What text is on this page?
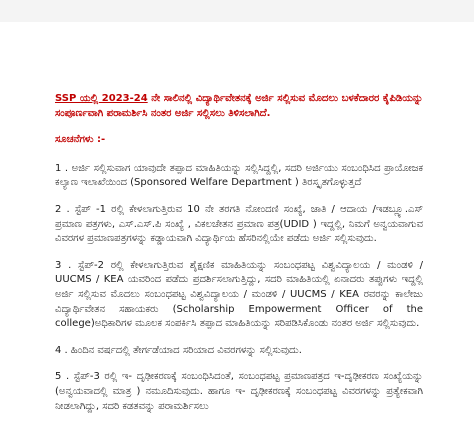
SSP ಯಲ್ಲಿ 2023-24 ನೇ ಸಾಲಿನಲ್ಲಿ ವಿದ್ಯಾರ್ಥಿವೇತನಕ್ಕೆ ಅರ್ಜಿ ಸಲ್ಲಿಸುವ ಮೊದಲು ಬಳಕೆದಾರರ ಕೈಪಿಡಿಯನ್ನು ಸಂಪೂರ್ಣವಾಗಿ ಪರಾಮರ್ಶಿಸಿ ನಂತರ ಅರ್ಜಿ ಸಲ್ಲಿಸಲು ತಿಳಿಸಲಾಗಿದೆ.

ಸೂಚನೆಗಳು :-

1 . ಅರ್ಜಿ ಸಲ್ಲಿಸುವಾಗ ಯಾವುದೇ ತಪ್ಪಾದ ಮಾಹಿತಿಯನ್ನು ಸಲ್ಲಿಸಿದ್ದಲ್ಲಿ, ಸದರಿ ಅರ್ಜಿಯು ಸಂಬಂಧಿಸಿದ ಪ್ರಾಯೋಜಕ ಕಲ್ಯಾಣ ಇಲಾಖೆಯಿಂದ (Sponsored Welfare Department ) ತಿರಸ್ಕೃತಗೊಳ್ಳುತ್ತದೆ

2 . ಸ್ಟೆಪ್ -1 ರಲ್ಲಿ ಕೇಳಲಾಗುತ್ತಿರುವ 10 ನೇ ತರಗತಿ ನೋಂದಣಿ ಸಂಖ್ಯೆ, ಜಾತಿ / ಆದಾಯ /ಇಡಬ್ಲ್ಯೂ.ಎಸ್ ಪ್ರಮಾಣ ಪತ್ರಗಳು, ಎಸ್.ಎಸ್.ಪಿ ಸಂಖ್ಯೆ , ವಿಕಲಚೇತನ ಪ್ರಮಾಣ ಪತ್ರ(UDID ) ಇದ್ದಲ್ಲಿ, ನಿಮಗೆ ಅನ್ವಯವಾಗುವ ವಿವರಗಳ ಪ್ರಮಾಣಪತ್ರಗಳನ್ನು ಕಡ್ಡಾಯವಾಗಿ ವಿದ್ಯಾರ್ಥಿಯ ಹೆಸರಿನಲ್ಲಿಯೇ ಪಡೆದು ಅರ್ಜಿ ಸಲ್ಲಿಸುವುದು.

3 . ಸ್ಟೆಪ್-2 ರಲ್ಲಿ ಕೇಳಲಾಗುತ್ತಿರುವ ಶೈಕ್ಷಣಿಕ ಮಾಹಿತಿಯನ್ನು ಸಂಬಂಧಪಟ್ಟ ವಿಶ್ವವಿದ್ಯಾಲಯ / ಮಂಡಳಿ / UUCMS / KEA ಯವರಿಂದ ಪಡೆದು ಪ್ರದರ್ಶಿಸಲಾಗುತ್ತಿದ್ದು, ಸದರಿ ಮಾಹಿತಿಯಲ್ಲಿ ಏನಾದರು ತಪ್ಪುಗಳು ಇದ್ದಲ್ಲಿ ಅರ್ಜಿ ಸಲ್ಲಿಸುವ ಮೊದಲು ಸಂಬಂಧಪಟ್ಟ ವಿಶ್ವವಿದ್ಯಾಲಯ / ಮಂಡಳಿ / UUCMS / KEA ರವರನ್ನು ಕಾಲೇಜು ವಿದ್ಯಾರ್ಥಿವೇತನ ಸಹಾಯಕರು (Scholarship Empowerment Officer of the college)ಅಧಿಕಾರಿಗಳ ಮೂಲಕ ಸಂಪರ್ಕಿಸಿ ತಪ್ಪಾದ ಮಾಹಿತಿಯನ್ನು ಸರಿಪಡಿಸಿಕೊಂಡು ನಂತರ ಅರ್ಜಿ ಸಲ್ಲಿಸುವುದು.

4 . ಹಿಂದಿನ ವರ್ಷದಲ್ಲಿ ತೇರ್ಗಡೆಯಾದ ಸರಿಯಾದ ವಿವರಗಳನ್ನು ಸಲ್ಲಿಸುವುದು.

5 . ಸ್ಟೆಪ್-3 ರಲ್ಲಿ ಇ- ದೃಢೀಕರಣಕ್ಕೆ ಸಂಬಂಧಿಸಿದಂತೆ, ಸಂಬಂಧಪಟ್ಟ ಪ್ರಮಾಣಪತ್ರದ ಇ-ದೃಢೀಕರಣ ಸಂಖ್ಯೆಯನ್ನು (ಅನ್ವಯವಾದಲ್ಲಿ ಮಾತ್ರ ) ನಮೂದಿಸುವುದು. ಹಾಗೂ ಇ- ದೃಢೀಕರಣಕ್ಕೆ ಸಂಬಂಧಪಟ್ಟ ವಿವರಗಳನ್ನು ಪ್ರತ್ಯೇಕವಾಗಿ ನೀಡಲಾಗಿದ್ದು, ಸದರಿ ಕಡತವನ್ನು ಪರಾಮರ್ಶಿಸಲು
